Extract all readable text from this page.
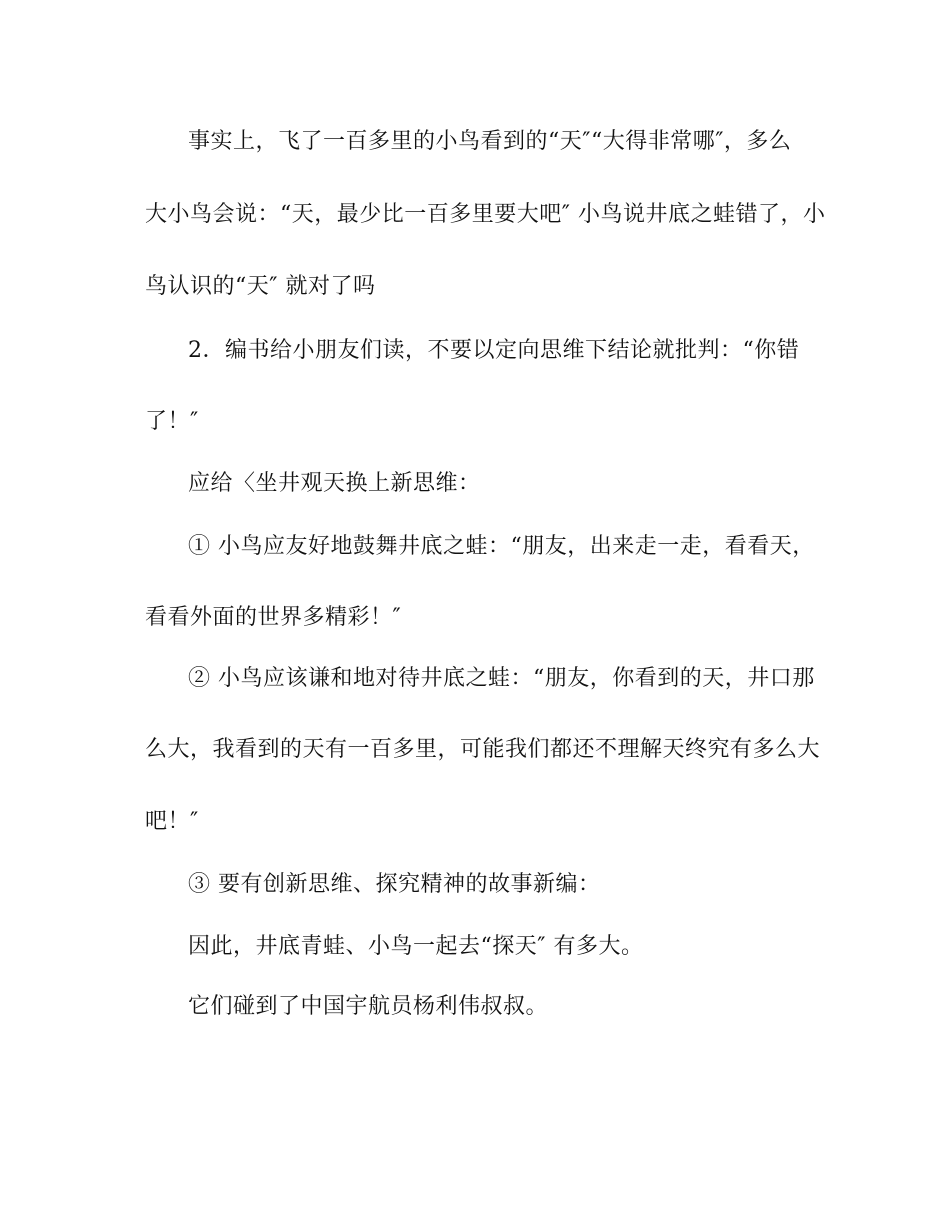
事实上，飞了一百多里的小鸟看到的“天″“大得非常哪″，多么
大小鸟会说：“天，最少比一百多里要大吧″ 小鸟说井底之蛙错了，小
鸟认识的“天″ 就对了吗
2．编书给小朋友们读，不要以定向思维下结论就批判：“你错
了！″
应给〈坐井观天换上新思维：
① 小鸟应友好地鼓舞井底之蛙：“朋友，出来走一走，看看天，
看看外面的世界多精彩！″
② 小鸟应该谦和地对待井底之蛙：“朋友，你看到的天，井口那
么大，我看到的天有一百多里，可能我们都还不理解天终究有多么大
吧！″
③ 要有创新思维、探究精神的故事新编：
因此，井底青蛙、小鸟一起去“探天″ 有多大。
它们碰到了中国宇航员杨利伟叔叔。
